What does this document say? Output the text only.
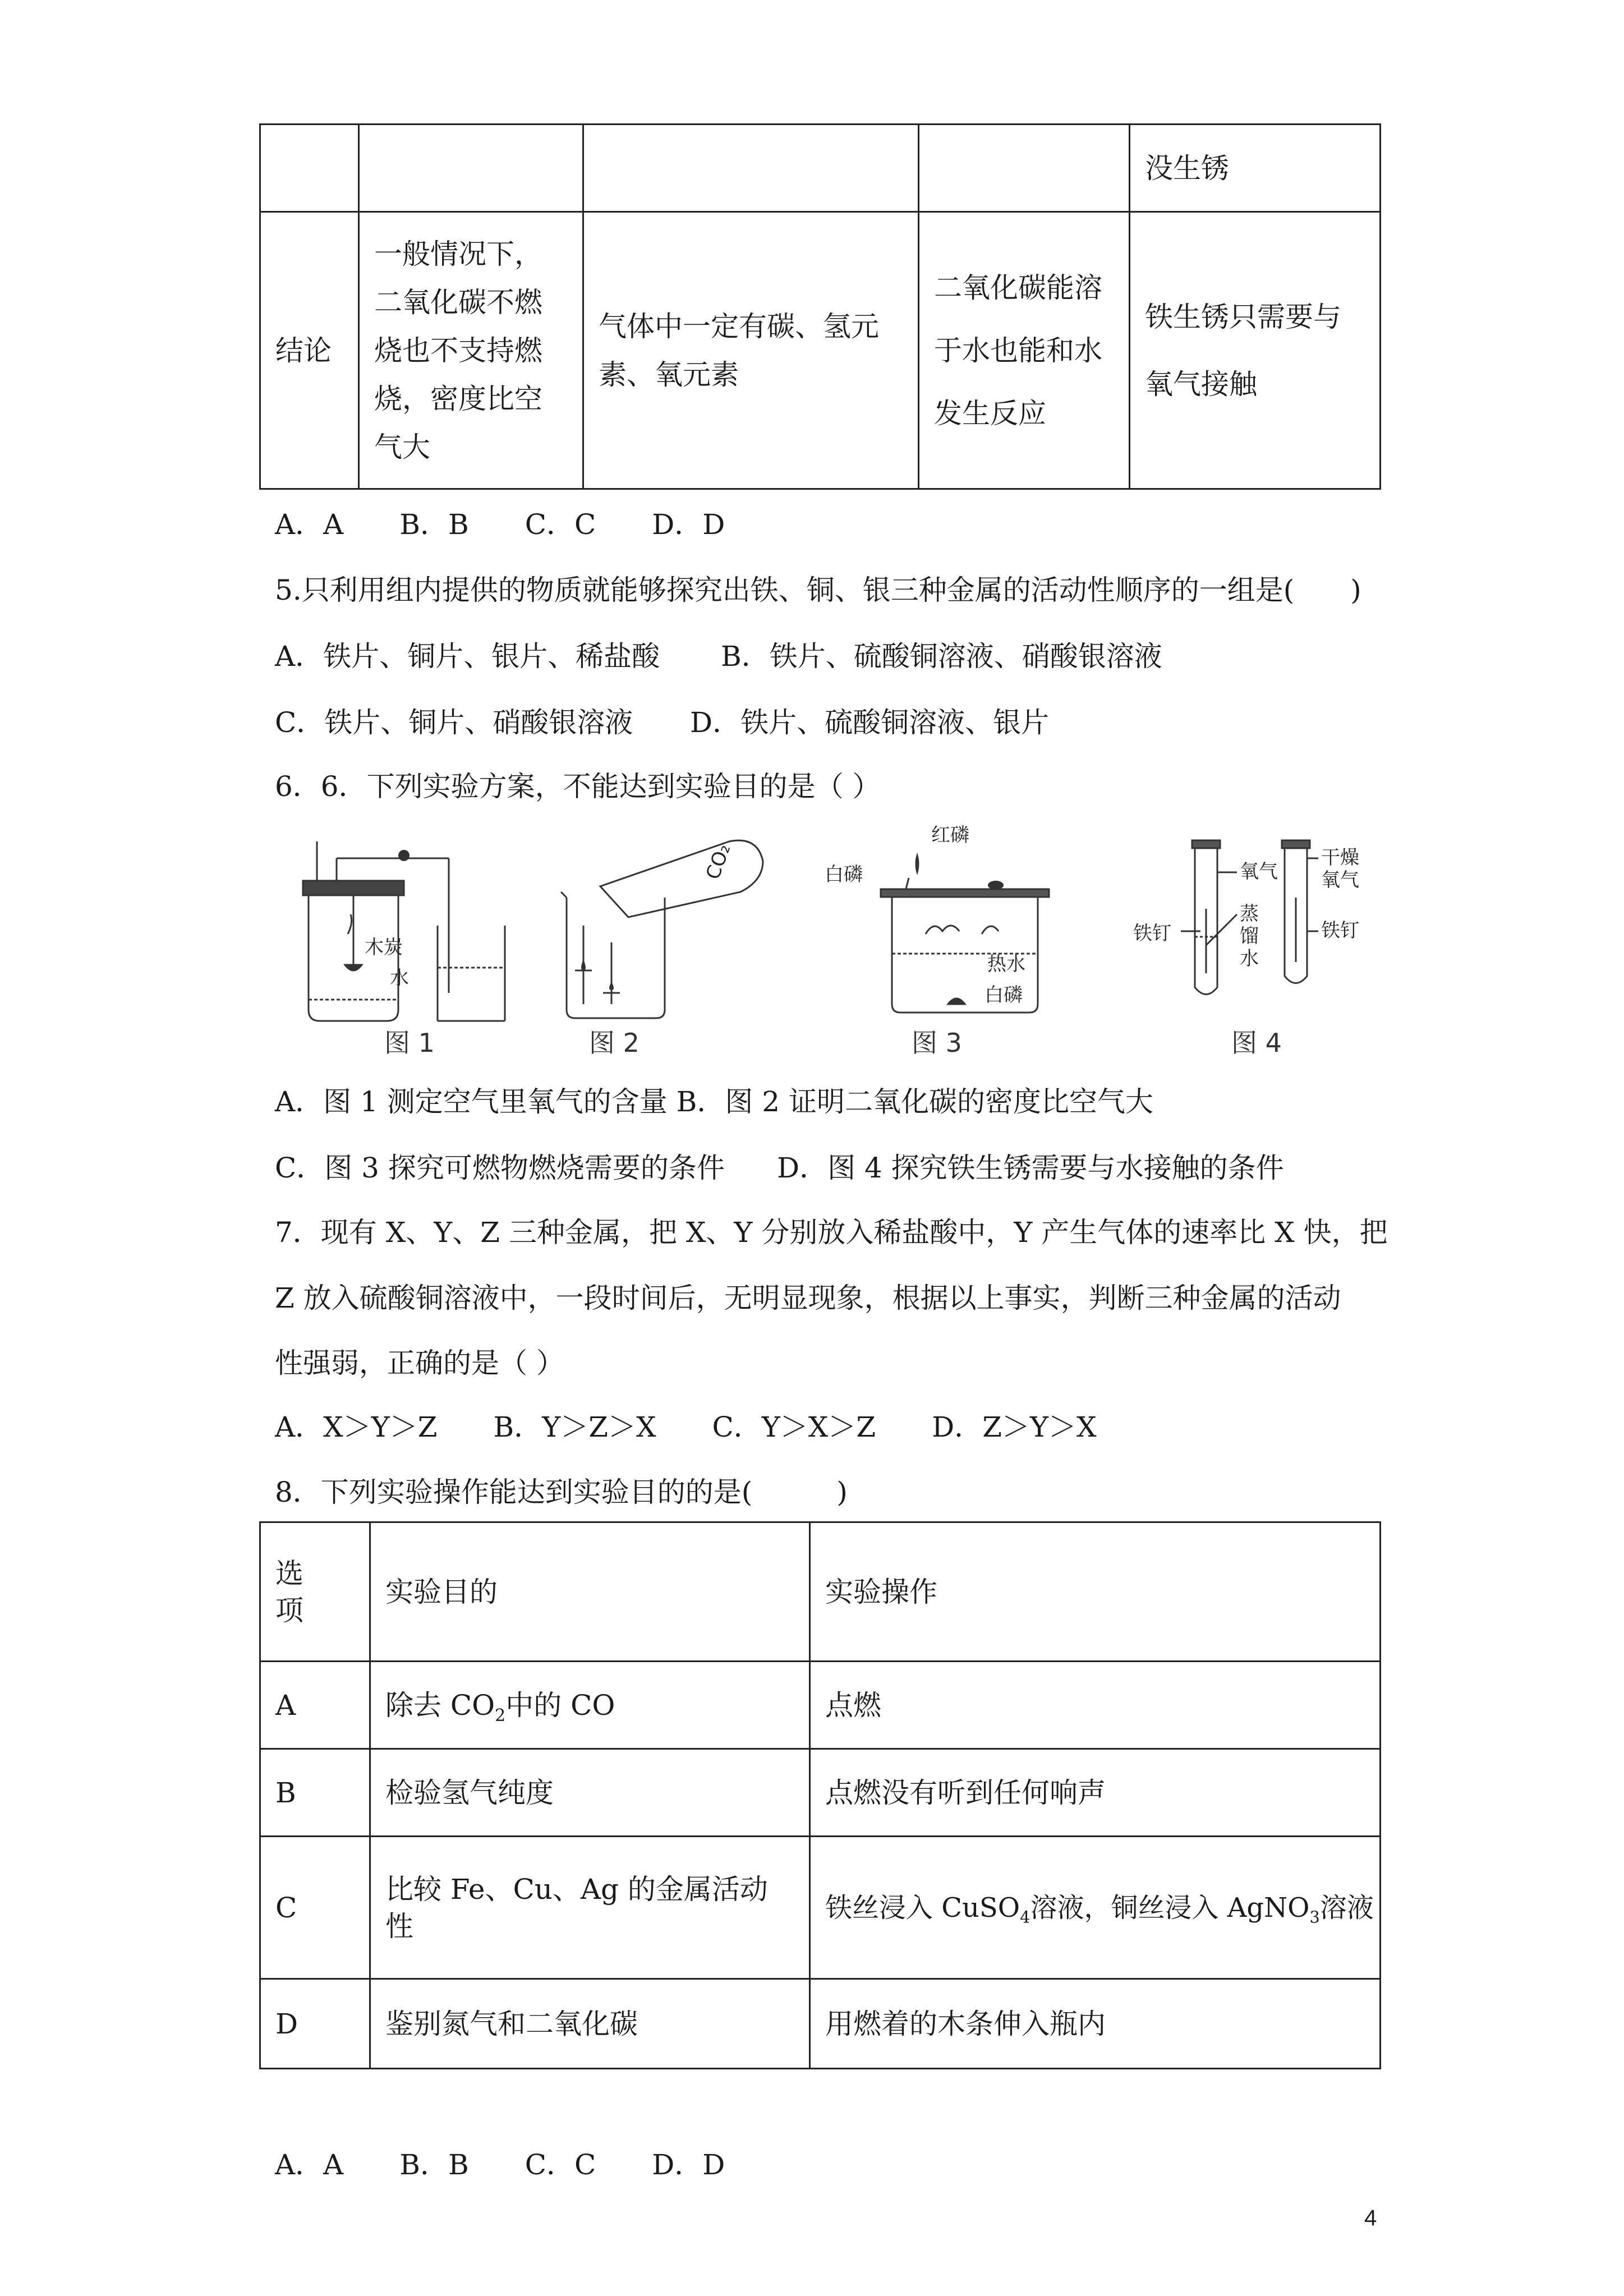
				没生锈
结论	一般情况下，二氧化碳不燃烧也不支持燃烧，密度比空气大	气体中一定有碳、氢元素、氧元素	二氧化碳能溶于水也能和水发生反应	铁生锈只需要与氧气接触
A．A　　B．B　　C．C　　D．D
5.只利用组内提供的物质就能够探究出铁、铜、银三种金属的活动性顺序的一组是(　　)
A．铁片、铜片、银片、稀盐酸 B．铁片、硫酸铜溶液、硝酸银溶液
C．铁片、铜片、硝酸银溶液 D．铁片、硫酸铜溶液、银片
6．6．下列实验方案，不能达到实验目的是（ ）
木炭
水
图 1
CO₂
图 2
红磷
白磷
热水
白磷
图 3
氧气
蒸
馏
水
铁钉
干燥
氧气
铁钉
图 4
A．图 1 测定空气里氧气的含量 B．图 2 证明二氧化碳的密度比空气大
C．图 3 探究可燃物燃烧需要的条件 D．图 4 探究铁生锈需要与水接触的条件
7．现有 X、Y、Z 三种金属，把 X、Y 分别放入稀盐酸中，Y 产生气体的速率比 X 快，把
Z 放入硫酸铜溶液中，一段时间后，无明显现象，根据以上事实，判断三种金属的活动
性强弱，正确的是（ ）
A．X＞Y＞Z　　B．Y＞Z＞X　　C．Y＞X＞Z　　D．Z＞Y＞X
8．下列实验操作能达到实验目的的是(　　　)
选　项	实验目的	实验操作
A	除去 $CO_2$中的 CO	点燃
B	检验氢气纯度	点燃没有听到任何响声
C	比较 Fe、Cu、Ag 的金属活动性	铁丝浸入 CuSO$_4$溶液，铜丝浸入 AgNO$_3$溶液
D	鉴别氮气和二氧化碳	用燃着的木条伸入瓶内
A．A　　B．B　　C．C　　D．D
4
